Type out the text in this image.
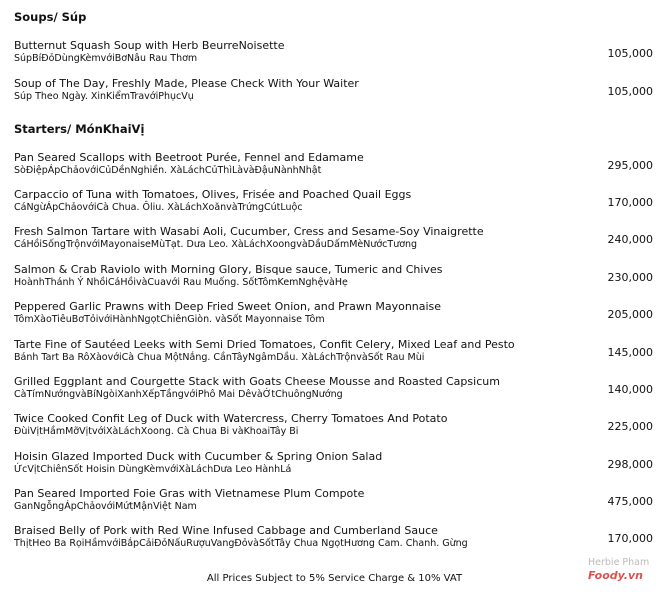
Soups/ Súp
Butternut Squash Soup with Herb BeurreNoisette
SúpBíĐỏDùngKèmvớiBơNâu Rau Thơm	105,000
Soup of The Day, Freshly Made, Please Check With Your Waiter
Súp Theo Ngày. XinKiểmTravớiPhụcVụ	105,000
Starters/ MónKhaiVị
Pan Seared Scallops with Beetroot Purée, Fennel and Edamame
SòĐiệpÁpChảovớiCủDềnNghiền. XàLáchCủThìLàvàĐậuNànhNhật	295,000
Carpaccio of Tuna with Tomatoes, Olives, Frisée and Poached Quail Eggs
CáNgừÁpChảovớiCà Chua. Ôliu. XàLáchXoănvàTrứngCútLuộc	170,000
Fresh Salmon Tartare with Wasabi Aoli, Cucumber, Cress and Sesame-Soy Vinaigrette
CáHồiSốngTrộnvớiMayonaiseMùTạt. Dưa Leo. XàLáchXoongvàDầuDấmMèNướcTương	240,000
Salmon & Crab Raviolo with Morning Glory, Bisque sauce, Tumeric and Chives
HoànhThánh Ý NhồiCáHồivàCuavới Rau Muống. SốtTômKemNghệvàHẹ	230,000
Peppered Garlic Prawns with Deep Fried Sweet Onion, and Prawn Mayonnaise
TômXàoTiêuBơTỏivớiHànhNgọtChiênGiòn. vàSốt Mayonnaise Tôm	205,000
Tarte Fine of Sautéed Leeks with Semi Dried Tomatoes, Confit Celery, Mixed Leaf and Pesto
Bánh Tart Ba RôXàovớiCà Chua MộtNắng. CầnTâyNgâmDầu. XàLáchTrộnvàSốt Rau Mùi	145,000
Grilled Eggplant and Courgette Stack with Goats Cheese Mousse and Roasted Capsicum
CàTímNướngvàBíNgòiXanhXếpTầngvớiPhô Mai DêvàỚtChuôngNướng	140,000
Twice Cooked Confit Leg of Duck with Watercress, Cherry Tomatoes And Potato
ĐùiVịtHầmMỡVịtvớiXàLáchXoong. Cà Chua Bi vàKhoaiTây Bi	225,000
Hoisin Glazed Imported Duck with Cucumber & Spring Onion Salad
ỨcVịtChiênSốt Hoisin DùngKèmvớiXàLáchDưa Leo HànhLá	298,000
Pan Seared Imported Foie Gras with Vietnamese Plum Compote
GanNgỗngÁpChảovớiMứtMậnViệt Nam	475,000
Braised Belly of Pork with Red Wine Infused Cabbage and Cumberland Sauce
ThịtHeo Ba RọiHầmvớiBắpCảiĐỏNấuRượuVangĐỏvàSốtTây Chua NgọtHương Cam. Chanh. Gừng	170,000
All Prices Subject to 5% Service Charge & 10% VAT
Herbie Pham
Foody.vn
